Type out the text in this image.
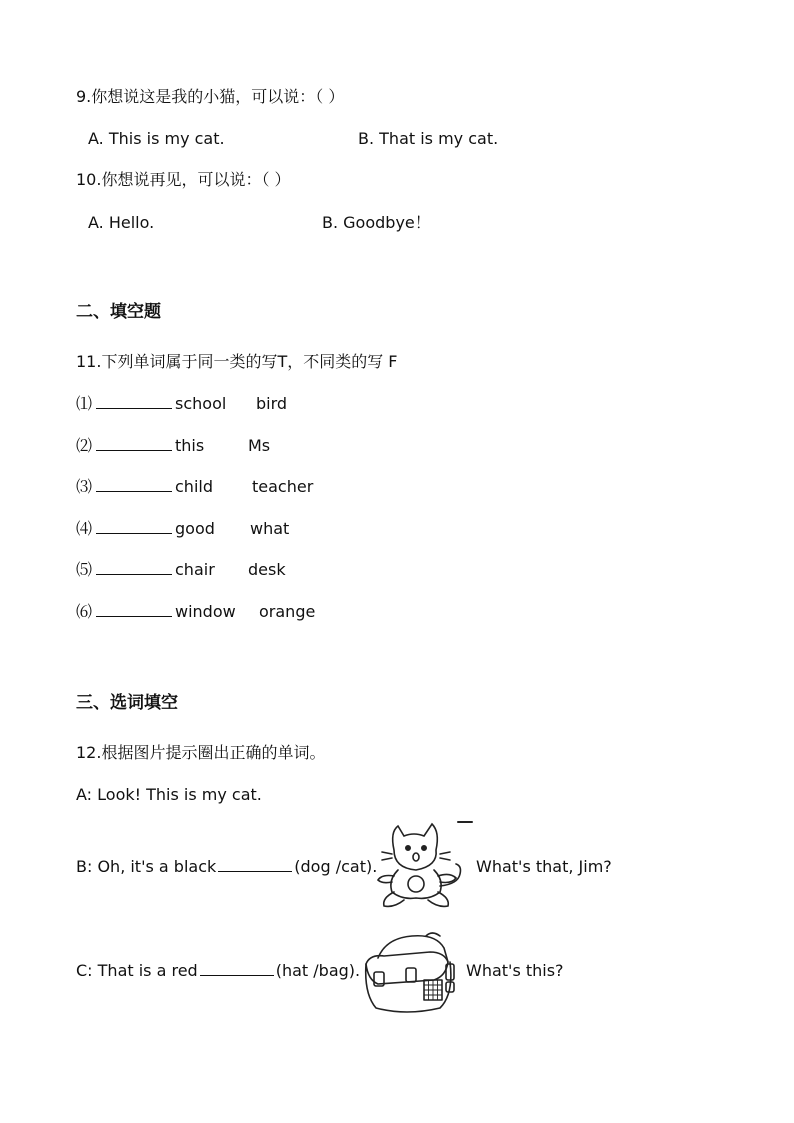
9.你想说这是我的小猫，可以说：（ ）
A. This is my cat.	B. That is my cat.
10.你想说再见，可以说：（ ）
A. Hello.	B. Goodbye！
二、填空题
11.下列单词属于同一类的写T，不同类的写 F
⑴	school bird
⑵	this	Ms
⑶	child teacher
⑷	good what
⑸	chair desk
⑹	window orange
三、选词填空
12.根据图片提示圈出正确的单词。
A: Look! This is my cat.
B: Oh, it's a black	(dog /cat).	What's that, Jim?
C: That is a red	(hat /bag).	What's this?
